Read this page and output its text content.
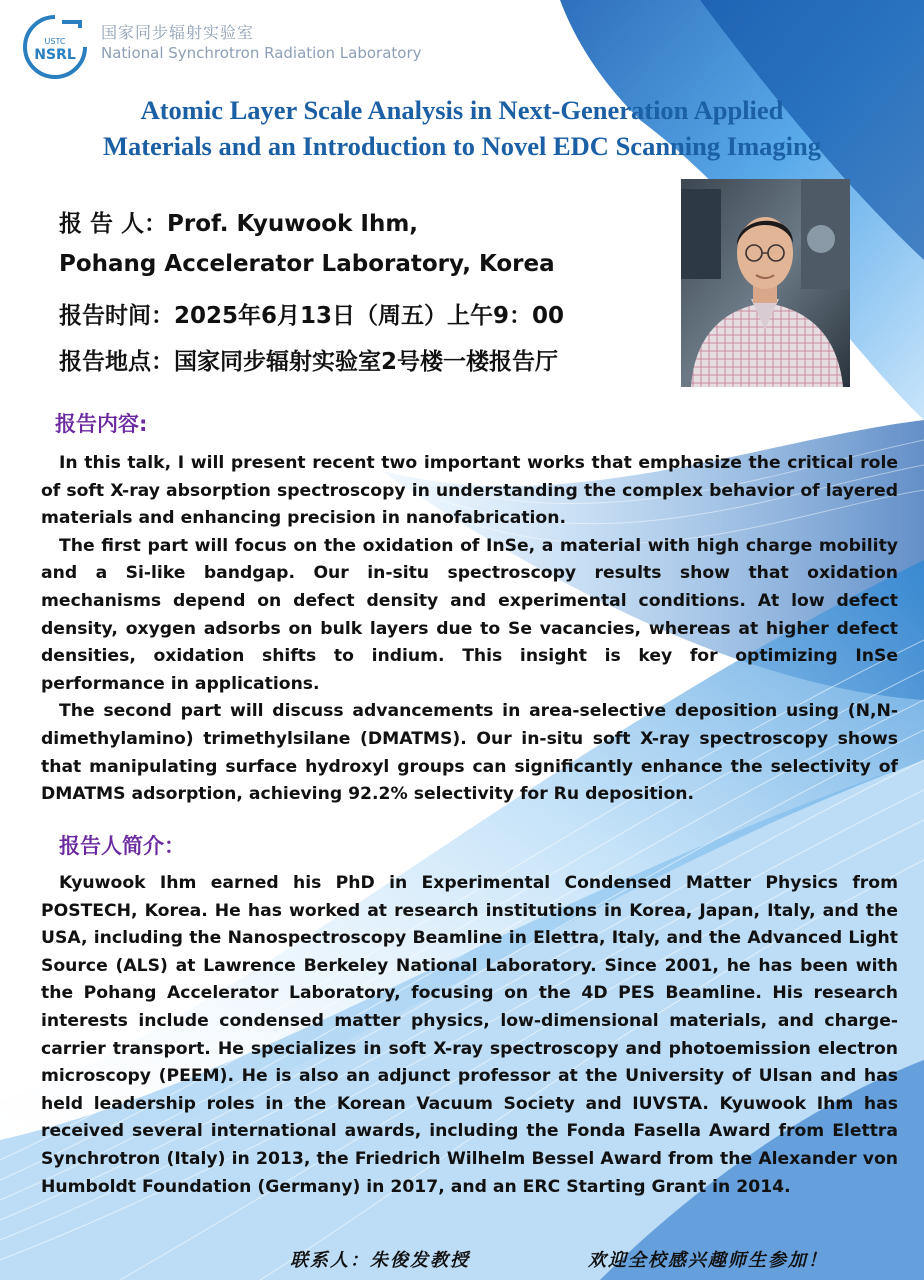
USTC
NSRL
国家同步辐射实验室
National Synchrotron Radiation Laboratory
Atomic Layer Scale Analysis in Next-Generation Applied
Materials and an Introduction to Novel EDC Scanning Imaging
报 告 人：Prof. Kyuwook Ihm,
Pohang Accelerator Laboratory, Korea
报告时间：2025年6月13日（周五）上午9：00
报告地点：国家同步辐射实验室2号楼一楼报告厅
报告内容:

In this talk, I will present recent two important works that emphasize the critical role of soft X-ray absorption spectroscopy in understanding the complex behavior of layered materials and enhancing precision in nanofabrication.

The first part will focus on the oxidation of InSe, a material with high charge mobility and a Si-like bandgap. Our in-situ spectroscopy results show that oxidation mechanisms depend on defect density and experimental conditions. At low defect density, oxygen adsorbs on bulk layers due to Se vacancies, whereas at higher defect densities, oxidation shifts to indium. This insight is key for optimizing InSe performance in applications.

The second part will discuss advancements in area-selective deposition using (N,N-dimethylamino) trimethylsilane (DMATMS). Our in-situ soft X-ray spectroscopy shows that manipulating surface hydroxyl groups can significantly enhance the selectivity of DMATMS adsorption, achieving 92.2% selectivity for Ru deposition.

报告人简介：

Kyuwook Ihm earned his PhD in Experimental Condensed Matter Physics from POSTECH, Korea. He has worked at research institutions in Korea, Japan, Italy, and the USA, including the Nanospectroscopy Beamline in Elettra, Italy, and the Advanced Light Source (ALS) at Lawrence Berkeley National Laboratory. Since 2001, he has been with the Pohang Accelerator Laboratory, focusing on the 4D PES Beamline. His research interests include condensed matter physics, low-dimensional materials, and charge-carrier transport. He specializes in soft X-ray spectroscopy and photoemission electron microscopy (PEEM). He is also an adjunct professor at the University of Ulsan and has held leadership roles in the Korean Vacuum Society and IUVSTA. Kyuwook Ihm has received several international awards, including the Fonda Fasella Award from Elettra Synchrotron (Italy) in 2013, the Friedrich Wilhelm Bessel Award from the Alexander von Humboldt Foundation (Germany) in 2017, and an ERC Starting Grant in 2014.

联系人：朱俊发教授	欢迎全校感兴趣师生参加！
